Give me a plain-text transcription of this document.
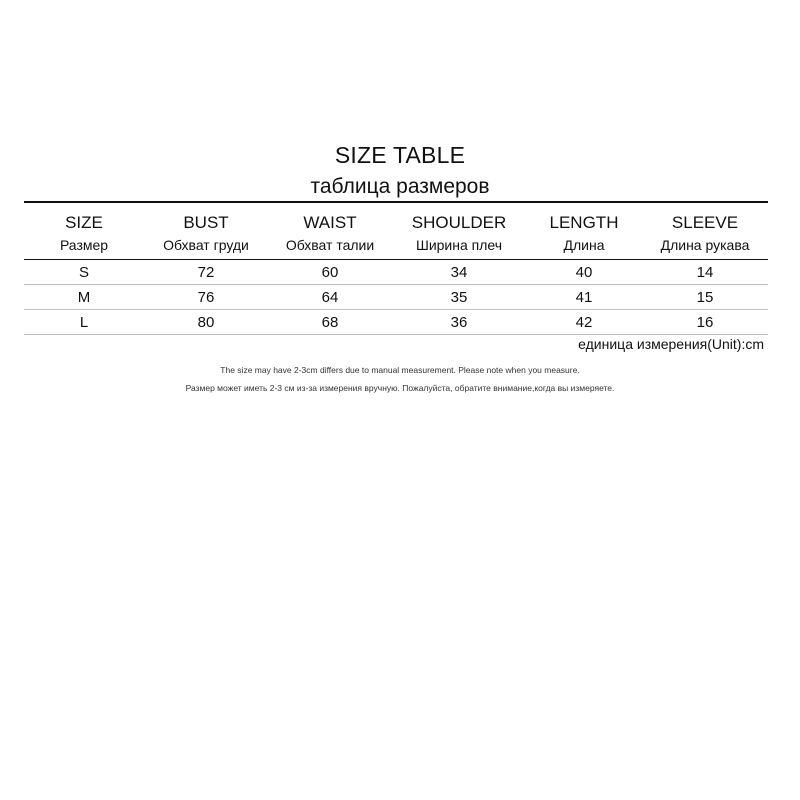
SIZE TABLE
таблица размеров
SIZE	BUST	WAIST	SHOULDER	LENGTH	SLEEVE
Размер	Обхват груди	Обхват талии	Ширина плеч	Длина	Длина рукава
S	72	60	34	40	14
M	76	64	35	41	15
L	80	68	36	42	16
единица измерения(Unit):cm
The size may have 2-3cm differs due to manual measurement. Please note when you measure.
Размер может иметь 2-3 см из-за измерения вручную. Пожалуйста, обратите внимание,когда вы измеряете.
